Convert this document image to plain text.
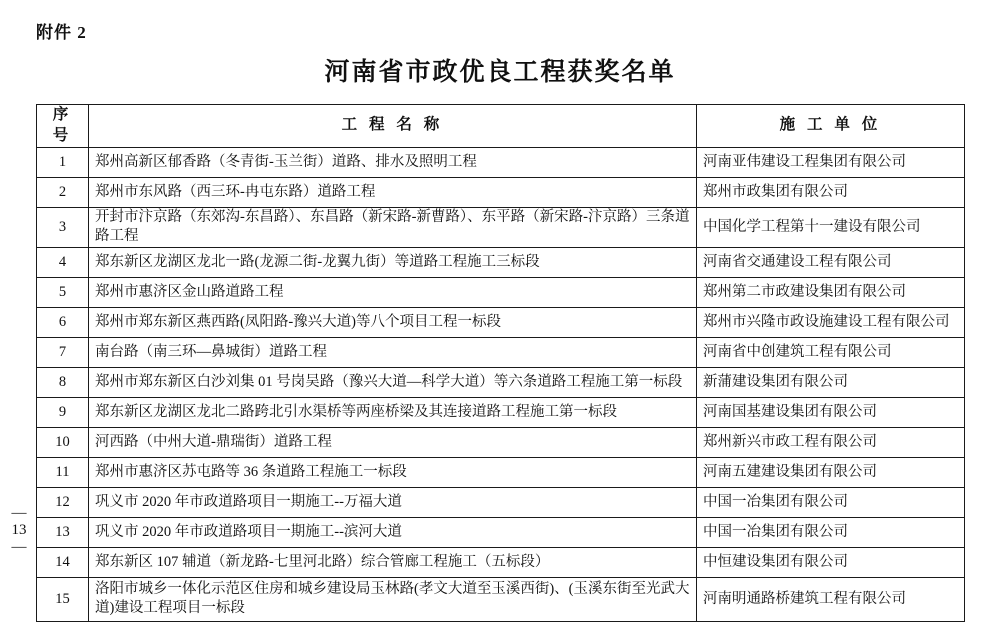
附件 2
河南省市政优良工程获奖名单
— 13 —
序 号	工 程 名 称	施 工 单 位
1	郑州高新区郁香路（冬青街-玉兰街）道路、排水及照明工程	河南亚伟建设工程集团有限公司
2	郑州市东风路（西三环-冉屯东路）道路工程	郑州市政集团有限公司
3	开封市汴京路（东郊沟-东昌路）、东昌路（新宋路-新曹路）、东平路（新宋路-汴京路）三条道路工程	中国化学工程第十一建设有限公司
4	郑东新区龙湖区龙北一路(龙源二街-龙翼九街）等道路工程施工三标段	河南省交通建设工程有限公司
5	郑州市惠济区金山路道路工程	郑州第二市政建设集团有限公司
6	郑州市郑东新区燕西路(凤阳路-豫兴大道)等八个项目工程一标段	郑州市兴隆市政设施建设工程有限公司
7	南台路（南三环—鼻城街）道路工程	河南省中创建筑工程有限公司
8	郑州市郑东新区白沙刘集 01 号岗吴路（豫兴大道—科学大道）等六条道路工程施工第一标段	新蒲建设集团有限公司
9	郑东新区龙湖区龙北二路跨北引水渠桥等两座桥梁及其连接道路工程施工第一标段	河南国基建设集团有限公司
10	河西路（中州大道-鼎瑞街）道路工程	郑州新兴市政工程有限公司
11	郑州市惠济区苏屯路等 36 条道路工程施工一标段	河南五建建设集团有限公司
12	巩义市 2020 年市政道路项目一期施工--万福大道	中国一冶集团有限公司
13	巩义市 2020 年市政道路项目一期施工--滨河大道	中国一冶集团有限公司
14	郑东新区 107 辅道（新龙路-七里河北路）综合管廊工程施工（五标段）	中恒建设集团有限公司
15	洛阳市城乡一体化示范区住房和城乡建设局玉林路(孝文大道至玉溪西街)、(玉溪东街至光武大道)建设工程项目一标段	河南明通路桥建筑工程有限公司
